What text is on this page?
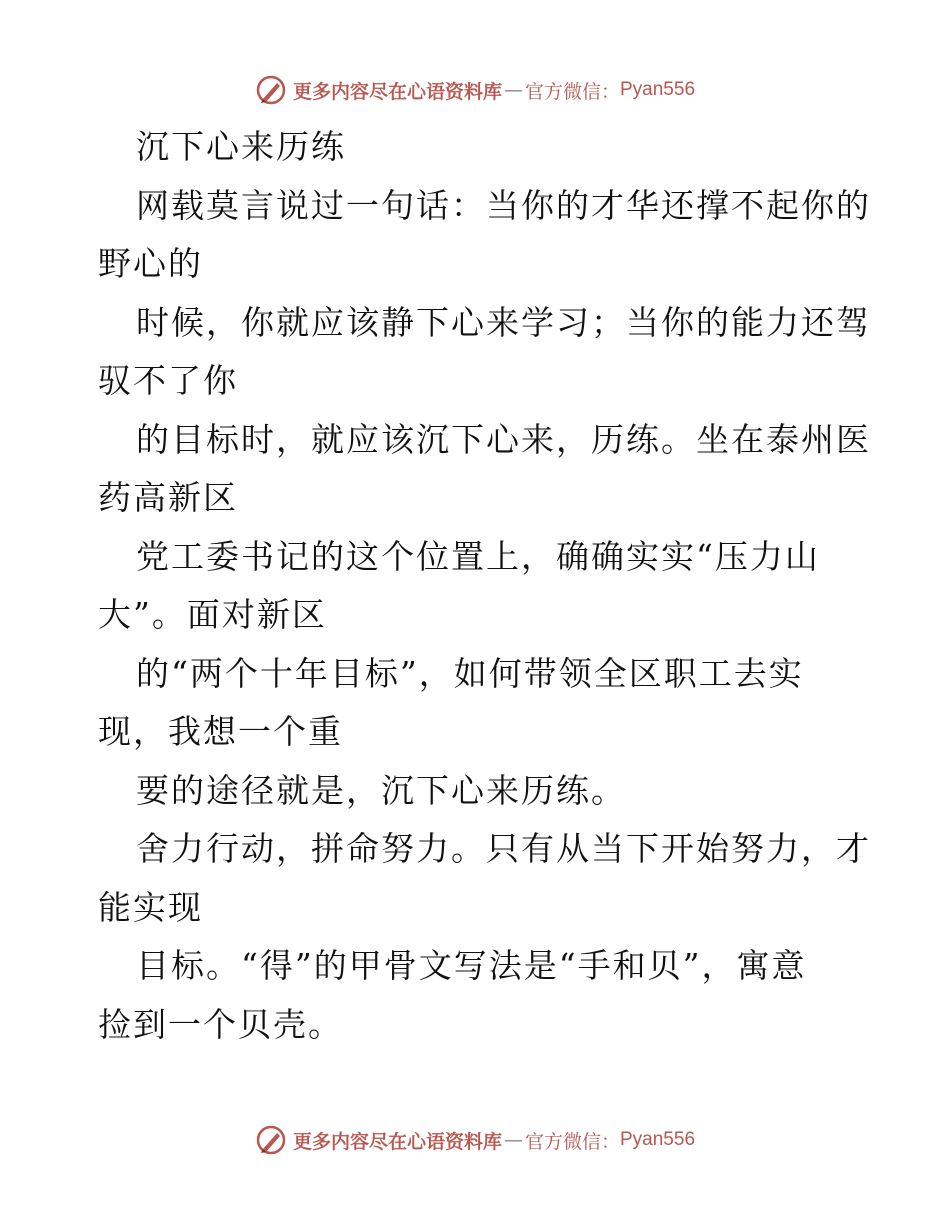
更多内容尽在心语资料库 — 官方微信： Pyan556
沉下心来历练
网载莫言说过一句话：当你的才华还撑不起你的
野心的
时候，你就应该静下心来学习；当你的能力还驾
驭不了你
的目标时，就应该沉下心来，历练。坐在泰州医
药高新区
党工委书记的这个位置上，确确实实“压力山
大”。面对新区
的“两个十年目标”，如何带领全区职工去实
现，我想一个重
要的途径就是，沉下心来历练。
舍力行动，拼命努力。只有从当下开始努力，才
能实现
目标。“得”的甲骨文写法是“手和贝”，寓意
捡到一个贝壳。
更多内容尽在心语资料库 — 官方微信： Pyan556
